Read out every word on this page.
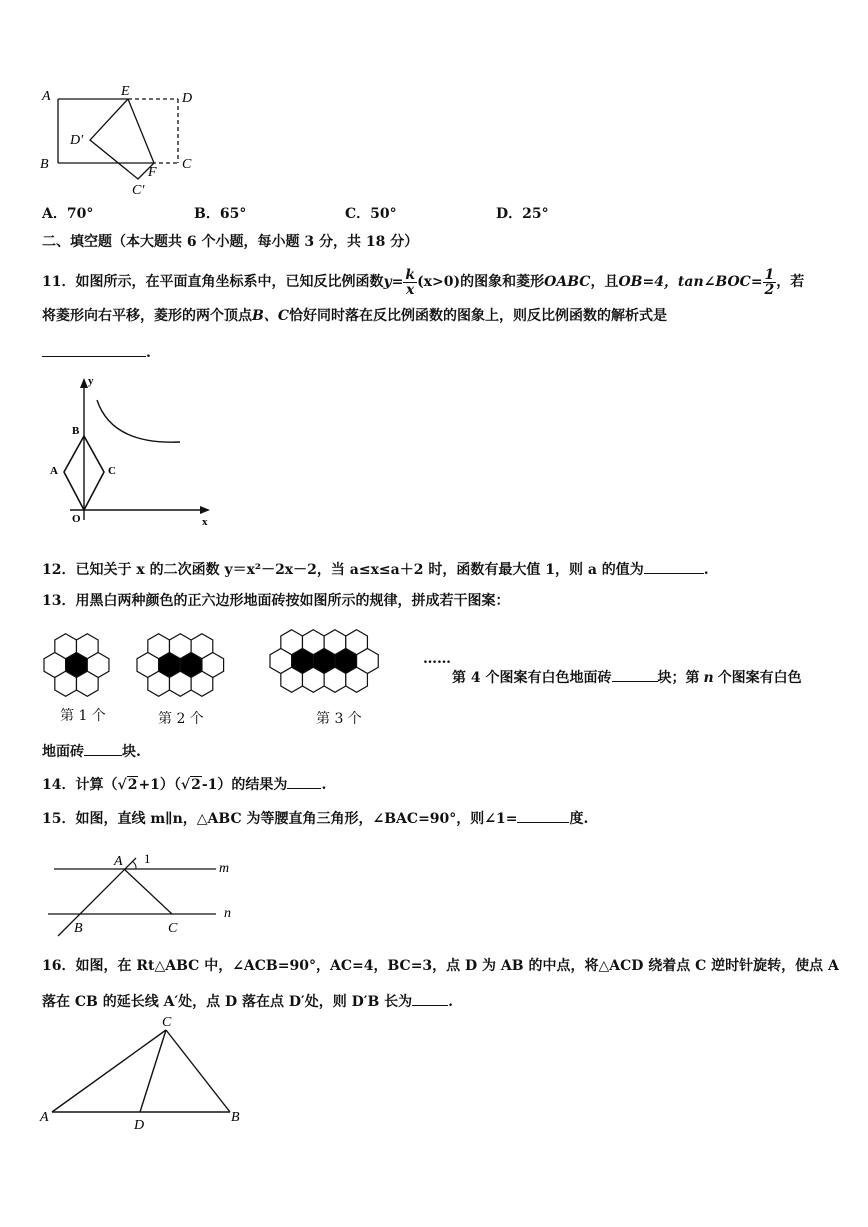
A	E	D
D′
B	C
F
C′
A．70°	B．65°	C．50°	D．25°
二、填空题（本大题共 6 个小题，每小题 3 分，共 18 分）
11．如图所示，在平面直角坐标系中，已知反比例函数$y= \frac{k}{x} (x>0)$的图象和菱形OABC，且OB=4，tan∠BOC= $\frac{1}{2}$ ，若
将菱形向右平移，菱形的两个顶点B、C恰好同时落在反比例函数的图象上，则反比例函数的解析式是
.
y
x
B
A	C
O
12．已知关于 x 的二次函数 y＝x²－2x－2，当 a≤x≤a＋2 时，函数有最大值 1，则 a 的值为	.
13．用黑白两种颜色的正六边形地面砖按如图所示的规律，拼成若干图案：
第 1 个	第 2 个	第 3 个
……
第 4 个图案有白色地面砖	块；第 n 个图案有白色
地面砖	块.
14．计算（√2+1）（√2-1）的结果为 .
15．如图，直线 m∥n，△ABC 为等腰直角三角形，∠BAC=90°，则∠1=	度.
A 1
m
n
B	C
16．如图，在 Rt△ABC 中，∠ACB=90°，AC=4，BC=3，点 D 为 AB 的中点，将△ACD 绕着点 C 逆时针旋转，使点 A
落在 CB 的延长线 A′处，点 D 落在点 D′处，则 D′B 长为	.
C
A
D
B
